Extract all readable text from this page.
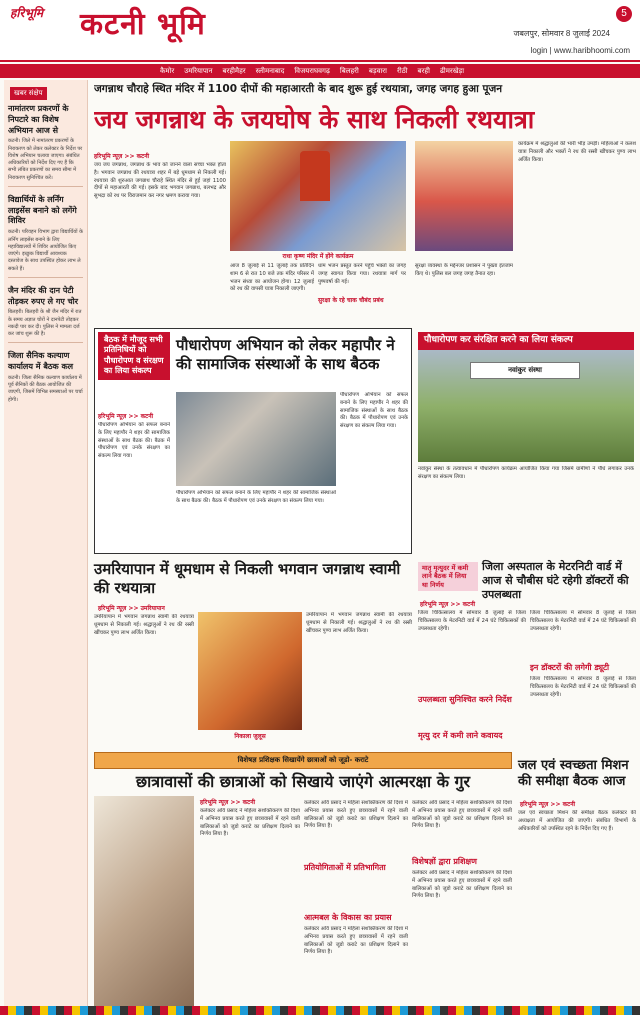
हरिभूमि कटनी भूमि	5
जबलपुर, सोमवार 8 जुलाई 2024
login | www.haribhoomi.com
कैमोर उमरियापान बरहीमैहर स्लीमनाबाद विजयराघवगढ़ बिलहरी बड़वारा रीठी बरही ढीमरखेड़ा
खबर संक्षेप
नामांतरण प्रकरणों के निपटारे का विशेष अभियान आज से
कटनी। जिले में नामांतरण प्रकरणों के निराकरण को लेकर कलेक्टर के निर्देश पर विशेष अभियान चलाया जाएगा। संबंधित अधिकारियों को निर्देश दिए गए हैं कि सभी लंबित प्रकरणों का समय सीमा में निराकरण सुनिश्चित करें।
विद्यार्थियों के लर्निंग लाइसेंस बनाने को लगेंगे शिविर
कटनी। परिवहन विभाग द्वारा विद्यार्थियों के लर्निंग लाइसेंस बनाने के लिए महाविद्यालयों में शिविर आयोजित किए जाएंगे। इच्छुक विद्यार्थी आवश्यक दस्तावेज के साथ उपस्थित होकर लाभ ले सकते हैं।
जैन मंदिर की दान पेटी तोड़कर रुपए ले गए चोर
बिलहरी। बिलहरी के श्री जैन मंदिर में रात के समय अज्ञात चोरों ने दानपेटी तोड़कर नकदी पार कर दी। पुलिस ने मामला दर्ज कर जांच शुरू की है।
जिला सैनिक कल्याण कार्यालय में बैठक कल
कटनी। जिला सैनिक कल्याण कार्यालय में पूर्व सैनिकों की बैठक आयोजित की जाएगी, जिसमें विभिन्न समस्याओं पर चर्चा होगी।
जगन्नाथ चौराहे स्थित मंदिर में 1100 दीपों की महाआरती के बाद शुरू हुई रथयात्रा, जगह जगह हुआ पूजन
जय जगन्नाथ के जयघोष के साथ निकली रथयात्रा
हरिभूमि न्यूज़ >> कटनी
जय जय जगन्नाथ, जगन्नाथ के भाव को जानने वाला सच्चा भक्त होता है। भगवान जगन्नाथ की रथयात्रा शहर में बड़े धूमधाम से निकली गई। रथयात्रा की शुरुआत जगन्नाथ चौराहे स्थित मंदिर से हुई जहां 1100 दीपों से महाआरती की गई। इसके बाद भगवान जगन्नाथ, बलभद्र और सुभद्रा को रथ पर विराजमान कर नगर भ्रमण कराया गया।
राधा कृष्ण मंदिर में होंगे कार्यक्रम
आज 8 जुलाई से 11 जुलाई तक प्रतिदिन शाम 6 से रात 10 बजे तक मंदिर परिसर में भजन संध्या का आयोजन होगा। 12 जुलाई को रथ की वापसी यात्रा निकाली जाएगी।
धाम भजन प्रस्तुत करने पहुंचे भक्तों का जगह जगह स्वागत किया गया। रथयात्रा मार्ग पर पुष्पवर्षा की गई।
सुरक्षा के रहे चाक चौबंद प्रबंध
सुरक्षा व्यवस्था के मद्देनजर प्रशासन ने पुख्ता इंतजाम किए थे। पुलिस बल जगह जगह तैनात रहा।
कार्यक्रम में श्रद्धालुओं की भारी भीड़ उमड़ी। महिलाओं ने कलश यात्रा निकाली और भक्तों ने रथ की रस्सी खींचकर पुण्य लाभ अर्जित किया।
बैठक में मौजूद सभी प्रतिनिधियों को पौधारोपण व संरक्षण का लिया संकल्प
पौधारोपण अभियान को लेकर महापौर ने की सामाजिक संस्थाओं के साथ बैठक
हरिभूमि न्यूज़ >> कटनी
पौधारोपण अभियान को सफल बनाने के लिए महापौर ने शहर की सामाजिक संस्थाओं के साथ बैठक की। बैठक में पौधारोपण एवं उनके संरक्षण का संकल्प लिया गया।
पौधारोपण अभियान को सफल बनाने के लिए महापौर ने शहर की सामाजिक संस्थाओं के साथ बैठक की। बैठक में पौधारोपण एवं उनके संरक्षण का संकल्प लिया गया।
पौधारोपण अभियान को सफल बनाने के लिए महापौर ने शहर की सामाजिक संस्थाओं के साथ बैठक की। बैठक में पौधारोपण एवं उनके संरक्षण का संकल्प लिया गया।
पौधारोपण कर संरक्षित करने का लिया संकल्प
नवांकुर संस्था
नवांकुर संस्था के तत्वावधान में पौधारोपण कार्यक्रम आयोजित किया गया जिसमें ग्रामीणों ने पौधे लगाकर उनके संरक्षण का संकल्प लिया।
उमरियापान में धूमधाम से निकली भगवान जगन्नाथ स्वामी की रथयात्रा
हरिभूमि न्यूज़ >> उमरियापान
उमरियापान में भगवान जगन्नाथ स्वामी की रथयात्रा धूमधाम से निकाली गई। श्रद्धालुओं ने रथ की रस्सी खींचकर पुण्य लाभ अर्जित किया।
निकाला जुलूस
उमरियापान में भगवान जगन्नाथ स्वामी की रथयात्रा धूमधाम से निकाली गई। श्रद्धालुओं ने रथ की रस्सी खींचकर पुण्य लाभ अर्जित किया।
मातृ मृत्युदर में कमी लाने बैठक में लिया था निर्णय
जिला अस्पताल के मेटरनिटी वार्ड में आज से चौबीस घंटे रहेगी डॉक्टरों की उपलब्धता
हरिभूमि न्यूज़ >> कटनी
जिला चिकित्सालय में सोमवार 8 जुलाई से जिला चिकित्सालय के मेटरनिटी वार्ड में 24 घंटे चिकित्सकों की उपलब्धता रहेगी।
उपलब्धता सुनिश्चित करने निर्देश
मृत्यु दर में कमी लाने कवायद
जिला चिकित्सालय में सोमवार 8 जुलाई से जिला चिकित्सालय के मेटरनिटी वार्ड में 24 घंटे चिकित्सकों की उपलब्धता रहेगी।
इन डॉक्टरों की लगेगी ड्यूटी
जिला चिकित्सालय में सोमवार 8 जुलाई से जिला चिकित्सालय के मेटरनिटी वार्ड में 24 घंटे चिकित्सकों की उपलब्धता रहेगी।
विशेषज्ञ प्रशिक्षक सिखायेंगे छात्राओं को जूडो- कराटे
छात्रावासों की छात्राओं को सिखाये जाएंगे आत्मरक्षा के गुर
हरिभूमि न्यूज़ >> कटनी
कलेक्टर अवि प्रसाद ने महिला सशक्तिकरण की दिशा में अभिनव प्रयास करते हुए छात्रावासों में रहने वाली बालिकाओं को जूडो कराटे का प्रशिक्षण दिलाने का निर्णय लिया है।
प्रतियोगिताओं में प्रतिभागिता
आत्मबल के विकास का प्रयास
कलेक्टर अवि प्रसाद ने महिला सशक्तिकरण की दिशा में अभिनव प्रयास करते हुए छात्रावासों में रहने वाली बालिकाओं को जूडो कराटे का प्रशिक्षण दिलाने का निर्णय लिया है।
कलेक्टर अवि प्रसाद ने महिला सशक्तिकरण की दिशा में अभिनव प्रयास करते हुए छात्रावासों में रहने वाली बालिकाओं को जूडो कराटे का प्रशिक्षण दिलाने का निर्णय लिया है।
विशेषज्ञों द्वारा प्रशिक्षण
कलेक्टर अवि प्रसाद ने महिला सशक्तिकरण की दिशा में अभिनव प्रयास करते हुए छात्रावासों में रहने वाली बालिकाओं को जूडो कराटे का प्रशिक्षण दिलाने का निर्णय लिया है।
कलेक्टर अवि प्रसाद ने महिला सशक्तिकरण की दिशा में अभिनव प्रयास करते हुए छात्रावासों में रहने वाली बालिकाओं को जूडो कराटे का प्रशिक्षण दिलाने का निर्णय लिया है।
जल एवं स्वच्छता मिशन की समीक्षा बैठक आज
हरिभूमि न्यूज़ >> कटनी
जल एवं स्वच्छता मिशन की समीक्षा बैठक कलेक्टर की अध्यक्षता में आयोजित की जाएगी। संबंधित विभागों के अधिकारियों को उपस्थित रहने के निर्देश दिए गए हैं।
